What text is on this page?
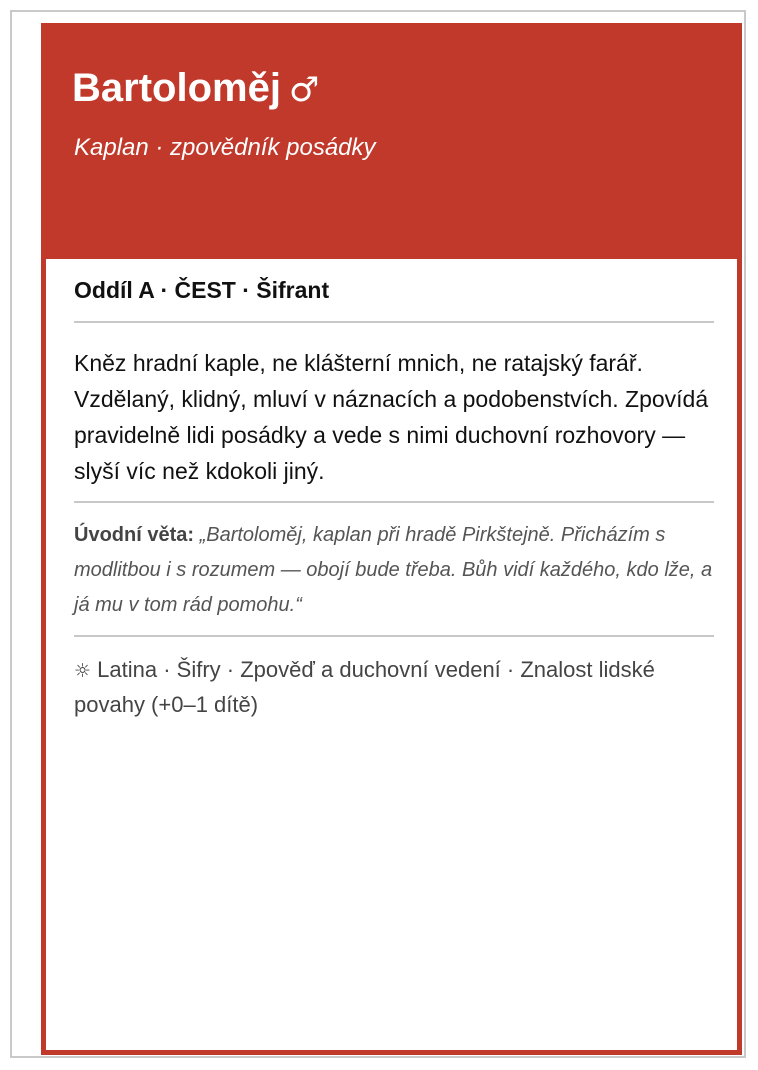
Bartoloměj ♂
Kaplan · zpovědník posádky
Oddíl A · ČEST · Šifrant
Kněz hradní kaple, ne klášterní mnich, ne ratajský farář. Vzdělaný, klidný, mluví v náznacích a podobenstvích. Zpovídá pravidelně lidi posádky a vede s nimi duchovní rozhovory — slyší víc než kdokoli jiný.
Úvodní věta: „Bartoloměj, kaplan při hradě Pirkštejně. Přicházím s modlitbou i s rozumem — obojí bude třeba. Bůh vidí každého, kdo lže, a já mu v tom rád pomohu.“
☼ Latina · Šifry · Zpověď a duchovní vedení · Znalost lidské povahy (+0–1 dítě)
